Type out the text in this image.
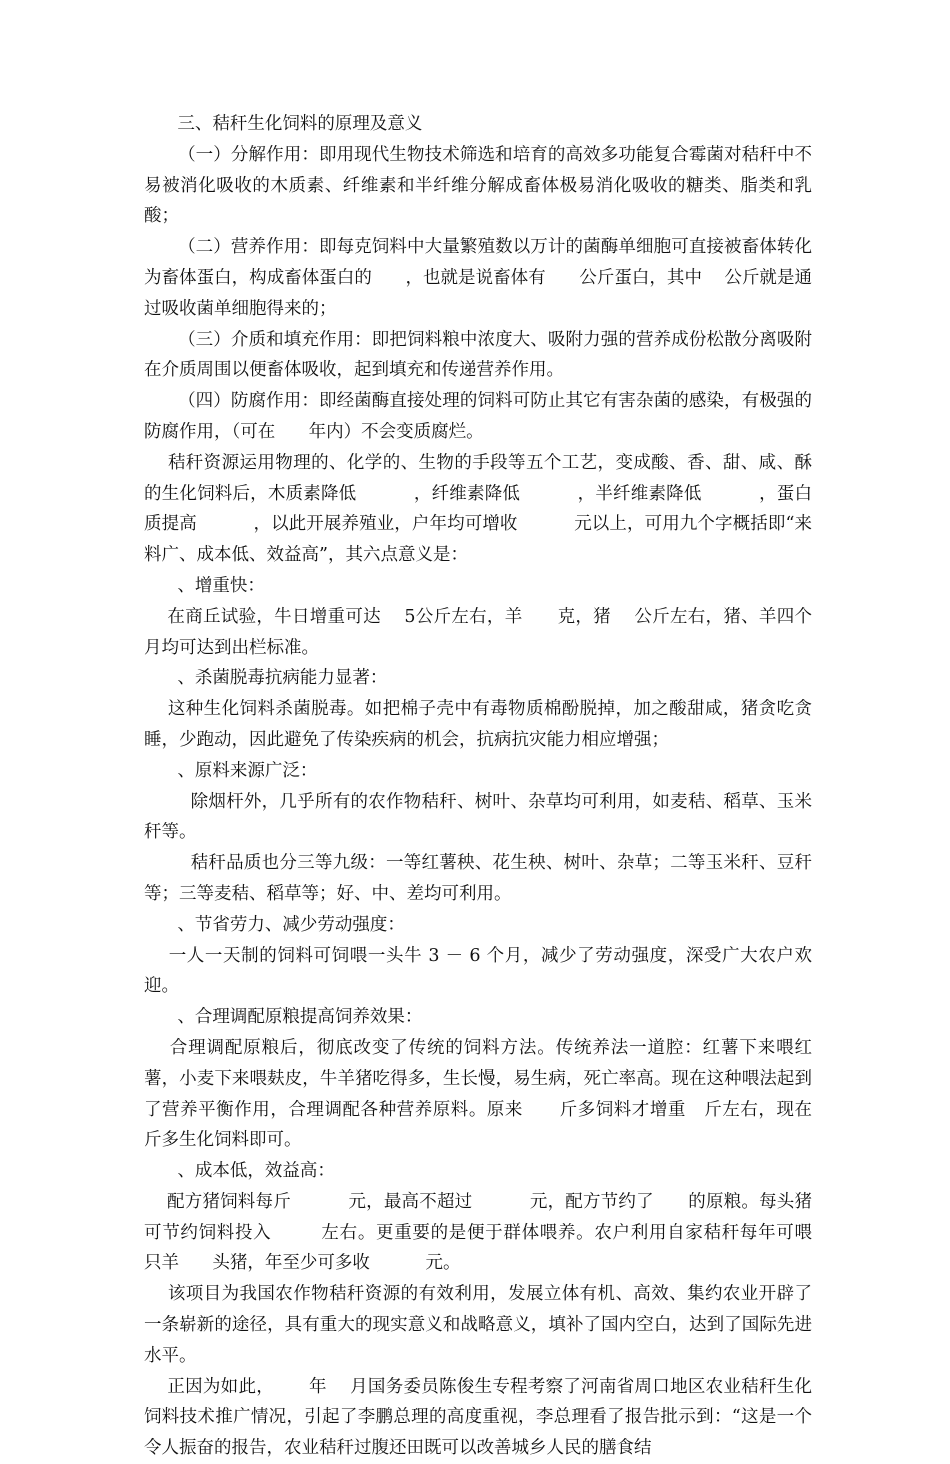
三、秸秆生化饲料的原理及意义

（一）分解作用：即用现代生物技术筛选和培育的高效多功能复合霉菌对秸秆中不易被消化吸收的木质素、纤维素和半纤维分解成畜体极易消化吸收的糖类、脂类和乳酸；

（二）营养作用：即每克饲料中大量繁殖数以万计的菌酶单细胞可直接被畜体转化为畜体蛋白，构成畜体蛋白的      ，也就是说畜体有      公斤蛋白，其中    公斤就是通过吸收菌单细胞得来的；

（三）介质和填充作用：即把饲料粮中浓度大、吸附力强的营养成份松散分离吸附在介质周围以便畜体吸收，起到填充和传递营养作用。

（四）防腐作用：即经菌酶直接处理的饲料可防止其它有害杂菌的感染，有极强的防腐作用，（可在      年内）不会变质腐烂。

秸秆资源运用物理的、化学的、生物的手段等五个工艺，变成酸、香、甜、咸、酥的生化饲料后，木质素降低          ，纤维素降低          ，半纤维素降低          ，蛋白质提高          ，以此开展养殖业，户年均可增收          元以上，可用九个字概括即“来料广、成本低、效益高”，其六点意义是：

、增重快：

在商丘试验，牛日增重可达    5公斤左右，羊      克，猪    公斤左右，猪、羊四个月均可达到出栏标准。

、杀菌脱毒抗病能力显著：

这种生化饲料杀菌脱毒。如把棉子壳中有毒物质棉酚脱掉，加之酸甜咸，猪贪吃贪睡，少跑动，因此避免了传染疾病的机会，抗病抗灾能力相应增强；

、原料来源广泛：

除烟杆外，几乎所有的农作物秸秆、树叶、杂草均可利用，如麦秸、稻草、玉米秆等。

秸秆品质也分三等九级：一等红薯秧、花生秧、树叶、杂草；二等玉米秆、豆秆等；三等麦秸、稻草等；好、中、差均可利用。

、节省劳力、减少劳动强度：

一人一天制的饲料可饲喂一头牛 3 － 6 个月，减少了劳动强度，深受广大农户欢迎。

、合理调配原粮提高饲养效果：

合理调配原粮后，彻底改变了传统的饲料方法。传统养法一道腔：红薯下来喂红薯，小麦下来喂麸皮，牛羊猪吃得多，生长慢，易生病，死亡率高。现在这种喂法起到了营养平衡作用，合理调配各种营养原料。原来      斤多饲料才增重   斤左右，现在    斤多生化饲料即可。

、成本低，效益高：

配方猪饲料每斤          元，最高不超过          元，配方节约了      的原粮。每头猪可节约饲料投入        左右。更重要的是便于群体喂养。农户利用自家秸秆每年可喂      只羊      头猪，年至少可多收          元。

该项目为我国农作物秸秆资源的有效利用，发展立体有机、高效、集约农业开辟了一条崭新的途径，具有重大的现实意义和战略意义，填补了国内空白，达到了国际先进水平。

正因为如此，      年    月国务委员陈俊生专程考察了河南省周口地区农业秸秆生化饲料技术推广情况，引起了李鹏总理的高度重视，李总理看了报告批示到：“这是一个令人振奋的报告，农业秸秆过腹还田既可以改善城乡人民的膳食结
